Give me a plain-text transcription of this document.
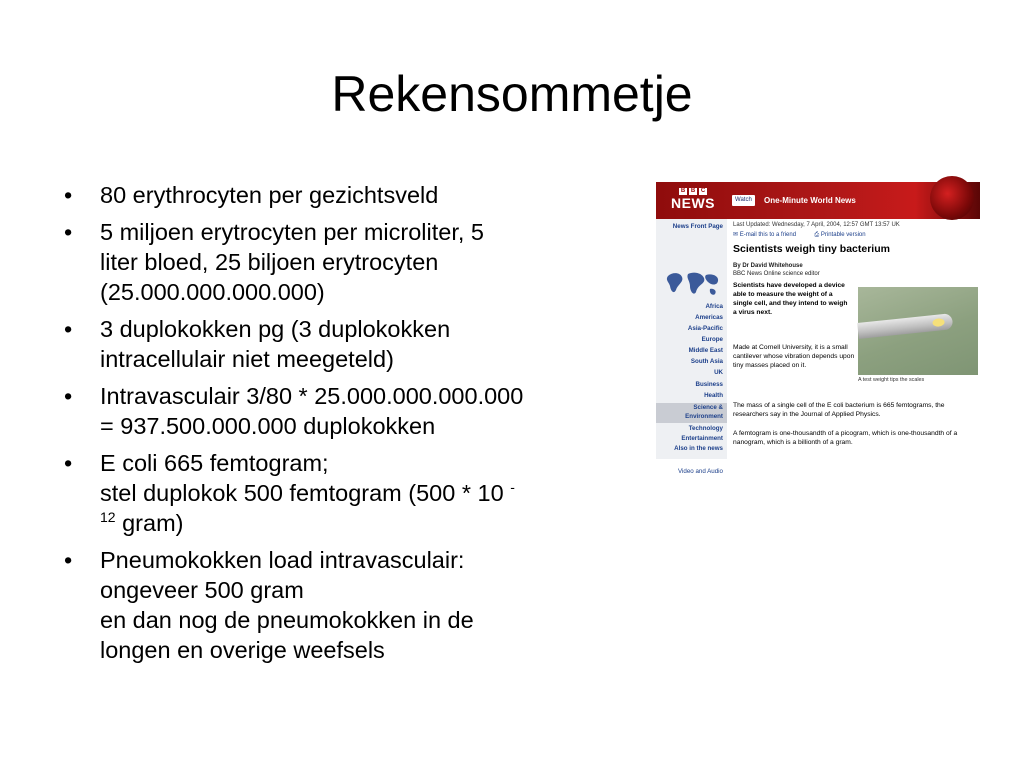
Rekensommetje
• 80 erythrocyten per gezichtsveld
• 5 miljoen erytrocyten per microliter, 5
liter bloed, 25 biljoen erytrocyten
(25.000.000.000.000)
• 3 duplokokken pg (3 duplokokken
intracellulair niet meegeteld)
• Intravasculair 3/80 * 25.000.000.000.000
= 937.500.000.000 duplokokken
• E coli 665 femtogram;
stel duplokok 500 femtogram (500 * 10 -
$^{12}$ gram)
• Pneumokokken load intravasculair:
ongeveer 500 gram
en dan nog de pneumokokken in de
longen en overige weefsels
B B C
NEWS	Watch	One-Minute World News
News Front Page
Africa
Americas
Asia-Pacific
Europe
Middle East
South Asia
UK
Business
Health
Science &
Environment
Technology
Entertainment
Also in the news
Video and Audio
Last Updated: Wednesday, 7 April, 2004, 12:57 GMT 13:57 UK
✉ E-mail this to a friend	⎙ Printable version
Scientists weigh tiny bacterium
By Dr David Whitehouse
BBC News Online science editor
Scientists have developed a device able to measure the weight of a single cell, and they intend to weigh a virus next.
Made at Cornell University, it is a small cantilever whose vibration depends upon tiny masses placed on it.
A test weight tips the scales
The mass of a single cell of the E coli bacterium is 665 femtograms, the researchers say in the Journal of Applied Physics.
A femtogram is one-thousandth of a picogram, which is one-thousandth of a nanogram, which is a billionth of a gram.
